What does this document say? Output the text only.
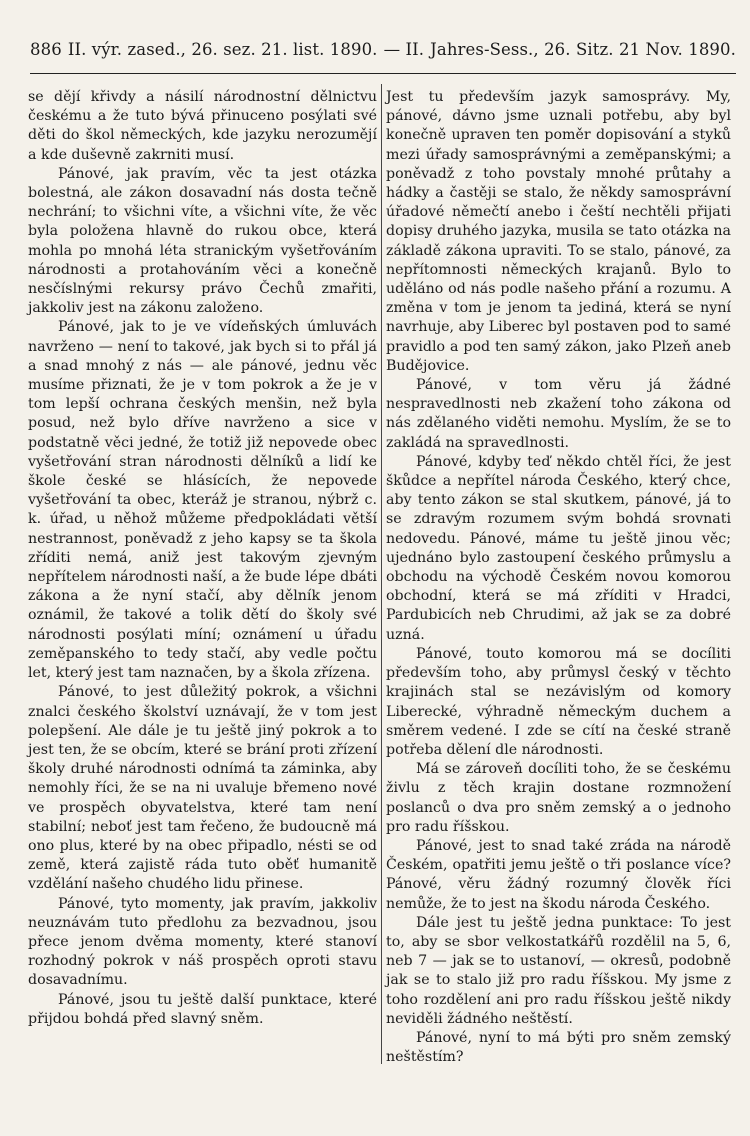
886 II. výr. zased., 26. sez. 21. list. 1890. — II. Jahres-Sess., 26. Sitz. 21 Nov. 1890.

se dějí křivdy a násilí národnostní dělnictvu českému a že tuto bývá přinuceno posýlati své děti do škol německých, kde jazyku nerozumějí a kde duševně zakrniti musí.

Pánové, jak pravím, věc ta jest otázka bolestná, ale zákon dosavadní nás dosta tečně nechrání; to všichni víte, a všichni víte, že věc byla položena hlavně do rukou obce, která mohla po mnohá léta stranickým vyšetřováním národnosti a protahováním věci a konečně nesčíslnými rekursy právo Čechů zmařiti, jakkoliv jest na zákonu založeno.

Pánové, jak to je ve vídeňských úmluvách navrženo — není to takové, jak bych si to přál já a snad mnohý z nás — ale pánové, jednu věc musíme přiznati, že je v tom pokrok a že je v tom lepší ochrana českých menšin, než byla posud, než bylo dříve navrženo a sice v podstatně věci jedné, že totiž již nepovede obec vyšetřování stran národnosti dělníků a lidí ke škole české se hlásících, že nepovede vyšetřování ta obec, kteráž je stranou, nýbrž c. k. úřad, u něhož můžeme předpokládati větší nestrannost, poněvadž z jeho kapsy se ta škola zříditi nemá, aniž jest takovým zjevným nepřítelem národnosti naší, a že bude lépe dbáti zákona a že nyní stačí, aby dělník jenom oznámil, že takové a tolik dětí do školy své národnosti posýlati míní; oznámení u úřadu zeměpanského to tedy stačí, aby vedle počtu let, který jest tam naznačen, by a škola zřízena.

Pánové, to jest důležitý pokrok, a všichni znalci českého školství uznávají, že v tom jest polepšení. Ale dále je tu ještě jiný pokrok a to jest ten, že se obcím, které se brání proti zřízení školy druhé národnosti odnímá ta záminka, aby nemohly říci, že se na ni uvaluje břemeno nové ve prospěch obyvatelstva, které tam není stabilní; neboť jest tam řečeno, že budoucně má ono plus, které by na obec připadlo, nésti se od země, která zajistě ráda tuto oběť humanitě vzdělání našeho chudého lidu přinese.

Pánové, tyto momenty, jak pravím, jakkoliv neuznávám tuto předlohu za bezvadnou, jsou přece jenom dvěma momenty, které stanoví rozhodný pokrok v náš prospěch oproti stavu dosavadnímu.

Pánové, jsou tu ještě další punktace, které přijdou bohdá před slavný sněm.

Jest tu především jazyk samosprávy. My, pánové, dávno jsme uznali potřebu, aby byl konečně upraven ten poměr dopisování a styků mezi úřady samosprávnými a zeměpanskými; a poněvadž z toho povstaly mnohé průtahy a hádky a častěji se stalo, že někdy samosprávní úřadové němečtí anebo i čeští nechtěli přijati dopisy druhého jazyka, musila se tato otázka na základě zákona upraviti. To se stalo, pánové, za nepřítomnosti německých krajanů. Bylo to uděláno od nás podle našeho přání a rozumu. A změna v tom je jenom ta jediná, která se nyní navrhuje, aby Liberec byl postaven pod to samé pravidlo a pod ten samý zákon, jako Plzeň aneb Budějovice.

Pánové, v tom věru já žádné nespravedlnosti neb zkažení toho zákona od nás zdělaného viděti nemohu. Myslím, že se to zakládá na spravedlnosti.

Pánové, kdyby teď někdo chtěl říci, že jest škůdce a nepřítel národa Českého, který chce, aby tento zákon se stal skutkem, pánové, já to se zdravým rozumem svým bohdá srovnati nedovedu. Pánové, máme tu ještě jinou věc; ujednáno bylo zastoupení českého průmyslu a obchodu na východě Českém novou komorou obchodní, která se má zříditi v Hradci, Pardubicích neb Chrudimi, až jak se za dobré uzná.

Pánové, touto komorou má se docíliti především toho, aby průmysl český v těchto krajinách stal se nezávislým od komory Liberecké, výhradně německým duchem a směrem vedené. I zde se cítí na české straně potřeba dělení dle národnosti.

Má se zároveň docíliti toho, že se českému živlu z těch krajin dostane rozmnožení poslanců o dva pro sněm zemský a o jednoho pro radu říšskou.

Pánové, jest to snad také zráda na národě Českém, opatřiti jemu ještě o tři poslance více? Pánové, věru žádný rozumný člověk říci nemůže, že to jest na škodu národa Českého.

Dále jest tu ještě jedna punktace: To jest to, aby se sbor velkostatkářů rozdělil na 5, 6, neb 7 — jak se to ustanoví, — okresů, podobně jak se to stalo již pro radu říšskou. My jsme z toho rozdělení ani pro radu říšskou ještě nikdy neviděli žádného neštěstí.

Pánové, nyní to má býti pro sněm zemský neštěstím?
